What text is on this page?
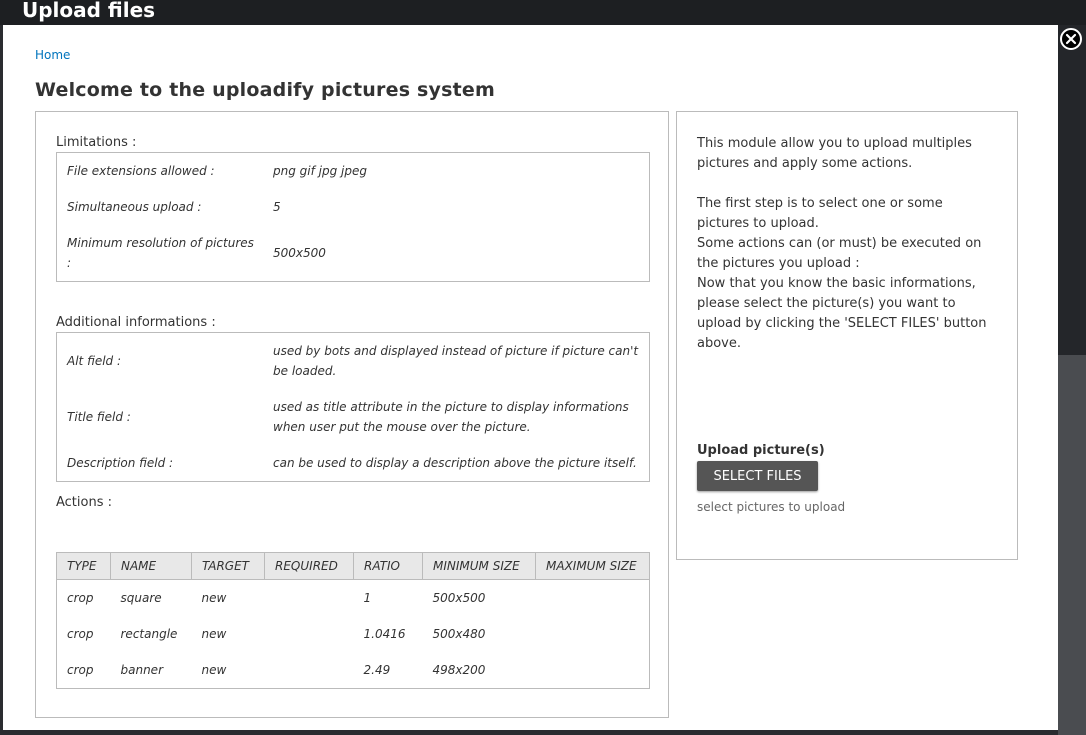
Upload files
Home
Welcome to the uploadify pictures system
Limitations :
File extensions allowed :	png gif jpg jpeg
Simultaneous upload :	5
Minimum resolution of pictures :
500x500
Additional informations :
Alt field :
used by bots and displayed instead of picture if picture can't be loaded.
Title field :
used as title attribute in the picture to display informations when user put the mouse over the picture.
Description field :	can be used to display a description above the picture itself.
Actions :
TYPE	NAME	TARGET	REQUIRED	RATIO	MINIMUM SIZE	MAXIMUM SIZE
crop	square	new		1	500x500	
crop	rectangle	new		1.0416	500x480	
crop	banner	new		2.49	498x200	

This module allow you to upload multiples pictures and apply some actions.

The first step is to select one or some pictures to upload.

Some actions can (or must) be executed on the pictures you upload :

Now that you know the basic informations, please select the picture(s) you want to upload by clicking the 'SELECT FILES' button above.

Upload picture(s)
SELECT FILES
select pictures to upload
